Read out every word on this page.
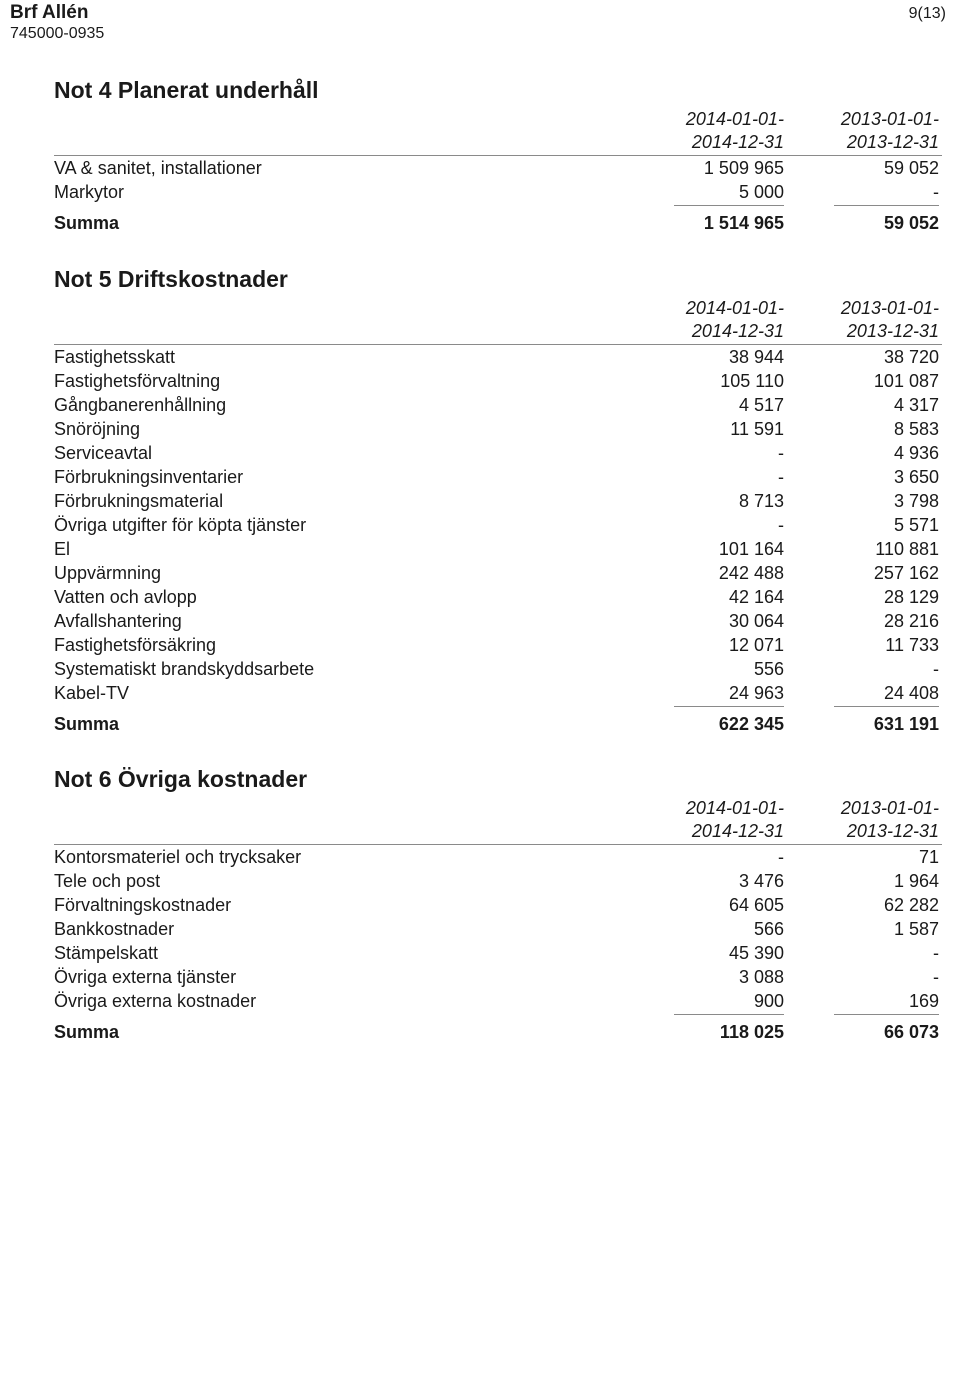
Brf Allén
745000-0935
9(13)
Not 4 Planerat underhåll
2014-01-01-
2014-12-31
2013-01-01-
2013-12-31
VA & sanitet, installationer	1 509 965	59 052
Markytor	5 000	-
Summa	1 514 965	59 052
Not 5 Driftskostnader
2014-01-01-
2014-12-31
2013-01-01-
2013-12-31
Fastighetsskatt	38 944	38 720
Fastighetsförvaltning	105 110	101 087
Gångbanerenhållning	4 517	4 317
Snöröjning	11 591	8 583
Serviceavtal	-	4 936
Förbrukningsinventarier	-	3 650
Förbrukningsmaterial	8 713	3 798
Övriga utgifter för köpta tjänster	-	5 571
El	101 164	110 881
Uppvärmning	242 488	257 162
Vatten och avlopp	42 164	28 129
Avfallshantering	30 064	28 216
Fastighetsförsäkring	12 071	11 733
Systematiskt brandskyddsarbete	556	-
Kabel-TV	24 963	24 408
Summa	622 345	631 191
Not 6 Övriga kostnader
2014-01-01-
2014-12-31
2013-01-01-
2013-12-31
Kontorsmateriel och trycksaker	-	71
Tele och post	3 476	1 964
Förvaltningskostnader	64 605	62 282
Bankkostnader	566	1 587
Stämpelskatt	45 390	-
Övriga externa tjänster	3 088	-
Övriga externa kostnader	900	169
Summa	118 025	66 073
